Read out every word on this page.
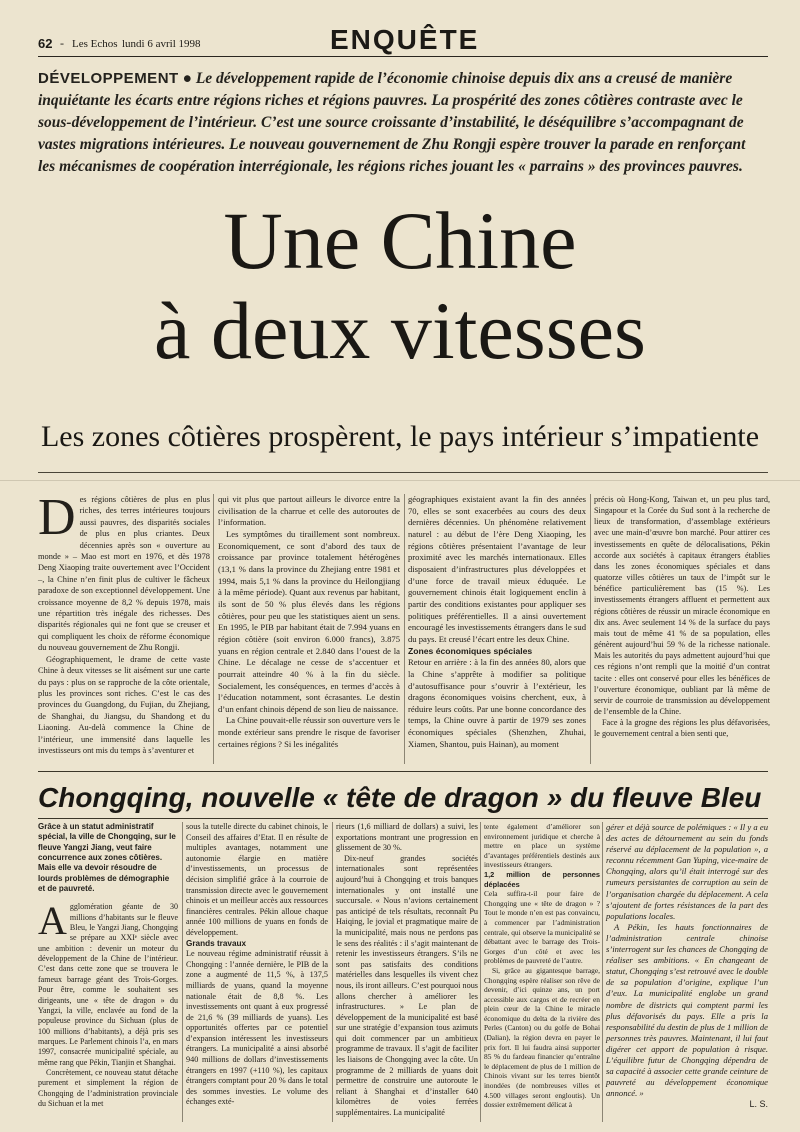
62 - Les Echos lundi 6 avril 1998	ENQUÊTE
DÉVELOPPEMENT ● Le développement rapide de l’économie chinoise depuis dix ans a creusé de manière inquiétante les écarts entre régions riches et régions pauvres. La prospérité des zones côtières contraste avec le sous-développement de l’intérieur. C’est une source croissante d’instabilité, le déséquilibre s’accompagnant de vastes migrations intérieures. Le nouveau gouvernement de Zhu Rongji espère trouver la parade en renforçant les mécanismes de coopération interrégionale, les régions riches jouant les « parrains » des provinces pauvres.
Une Chine
à deux vitesses
Les zones côtières prospèrent, le pays intérieur s’impatiente

Des régions côtières de plus en plus riches, des terres intérieures toujours aussi pauvres, des disparités sociales de plus en plus criantes. Deux décennies après son « ouverture au monde » – Mao est mort en 1976, et dès 1978 Deng Xiaoping traite ouvertement avec l’Occident –, la Chine n’en finit plus de cultiver le fâcheux paradoxe de son exceptionnel développement. Une croissance moyenne de 8,2 % depuis 1978, mais une répartition très inégale des richesses. Des disparités régionales qui ne font que se creuser et qui compliquent les choix de réforme économique du nouveau gouvernement de Zhu Rongji.

Géographiquement, le drame de cette vaste Chine à deux vitesses se lit aisément sur une carte du pays : plus on se rapproche de la côte orientale, plus les provinces sont riches. C’est le cas des provinces du Guangdong, du Fujian, du Zhejiang, de Shanghai, du Jiangsu, du Shandong et du Liaoning. Au-delà commence la Chine de l’intérieur, une immensité dans laquelle les investisseurs ont mis du temps à s’aventurer et

qui vit plus que partout ailleurs le divorce entre la civilisation de la charrue et celle des autoroutes de l’information.

Les symptômes du tiraillement sont nombreux. Economiquement, ce sont d’abord des taux de croissance par province totalement hétérogènes (13,1 % dans la province du Zhejiang entre 1981 et 1994, mais 5,1 % dans la province du Heilongjiang à la même période). Quant aux revenus par habitant, ils sont de 50 % plus élevés dans les régions côtières, pour peu que les statistiques aient un sens. En 1995, le PIB par habitant était de 7.994 yuans en région côtière (soit environ 6.000 francs), 3.875 yuans en région centrale et 2.840 dans l’ouest de la Chine. Le décalage ne cesse de s’accentuer et pourrait atteindre 40 % à la fin du siècle. Socialement, les conséquences, en termes d’accès à l’éducation notamment, sont écrasantes. Le destin d’un enfant chinois dépend de son lieu de naissance.

La Chine pouvait-elle réussir son ouverture vers le monde extérieur sans prendre le risque de favoriser certaines régions ? Si les inégalités

géographiques existaient avant la fin des années 70, elles se sont exacerbées au cours des deux dernières décennies. Un phénomène relativement naturel : au début de l’ère Deng Xiaoping, les régions côtières présentaient l’avantage de leur proximité avec les marchés internationaux. Elles disposaient d’infrastructures plus développées et d’une force de travail mieux éduquée. Le gouvernement chinois était logiquement enclin à partir des conditions existantes pour appliquer ses politiques préférentielles. Il a ainsi ouvertement encouragé les investissements étrangers dans le sud du pays. Et creusé l’écart entre les deux Chine.

Zones économiques spéciales

Retour en arrière : à la fin des années 80, alors que la Chine s’apprête à modifier sa politique d’autosuffisance pour s’ouvrir à l’extérieur, les dragons économiques voisins cherchent, eux, à réduire leurs coûts. Par une bonne concordance des temps, la Chine ouvre à partir de 1979 ses zones économiques spéciales (Shenzhen, Zhuhai, Xiamen, Shantou, puis Hainan), au moment

précis où Hong-Kong, Taiwan et, un peu plus tard, Singapour et la Corée du Sud sont à la recherche de lieux de transformation, d’assemblage extérieurs avec une main-d’œuvre bon marché. Pour attirer ces investissements en quête de délocalisations, Pékin accorde aux sociétés à capitaux étrangers établies dans les zones économiques spéciales et dans quatorze villes côtières un taux de l’impôt sur le bénéfice particulièrement bas (15 %). Les investissements étrangers affluent et permettent aux régions côtières de réussir un miracle économique en dix ans. Avec seulement 14 % de la surface du pays mais tout de même 41 % de sa population, elles génèrent aujourd’hui 59 % de la richesse nationale. Mais les autorités du pays admettent aujourd’hui que ces régions n’ont rempli que la moitié d’un contrat tacite : elles ont conservé pour elles les bénéfices de l’ouverture économique, oubliant par là même de servir de courroie de transmission au développement de l’ensemble de la Chine.

Face à la grogne des régions les plus défavorisées, le gouvernement central a bien senti que,

Chongqing, nouvelle « tête de dragon » du fleuve Bleu
Grâce à un statut administratif spécial, la ville de Chongqing, sur le fleuve Yangzi Jiang, veut faire concurrence aux zones côtières. Mais elle va devoir résoudre de lourds problèmes de démographie et de pauvreté.

Agglomération géante de 30 millions d’habitants sur le fleuve Bleu, le Yangzi Jiang, Chongqing se prépare au XXIᵉ siècle avec une ambition : devenir un moteur du développement de la Chine de l’intérieur. C’est dans cette zone que se trouvera le fameux barrage géant des Trois-Gorges. Pour être, comme le souhaitent ses dirigeants, une « tête de dragon » du Yangzi, la ville, enclavée au fond de la populeuse province du Sichuan (plus de 100 millions d’habitants), a déjà pris ses marques. Le Parlement chinois l’a, en mars 1997, consacrée municipalité spéciale, au même rang que Pékin, Tianjin et Shanghai.

Concrètement, ce nouveau statut détache purement et simplement la région de Chongqing de l’administration provinciale du Sichuan et la met

sous la tutelle directe du cabinet chinois, le Conseil des affaires d’Etat. Il en résulte de multiples avantages, notamment une autonomie élargie en matière d’investissements, un processus de décision simplifié grâce à la courroie de transmission directe avec le gouvernement chinois et un meilleur accès aux ressources financières centrales. Pékin alloue chaque année 100 millions de yuans en fonds de développement.

Grands travaux

Le nouveau régime administratif réussit à Chongqing : l’année dernière, le PIB de la zone a augmenté de 11,5 %, à 137,5 milliards de yuans, quand la moyenne nationale était de 8,8 %. Les investissements ont quant à eux progressé de 21,6 % (39 milliards de yuans). Les opportunités offertes par ce potentiel d’expansion intéressent les investisseurs étrangers. La municipalité a ainsi absorbé 940 millions de dollars d’investissements étrangers en 1997 (+110 %), les capitaux étrangers comptant pour 20 % dans le total des sommes investies. Le volume des échanges exté-

rieurs (1,6 milliard de dollars) a suivi, les exportations montrant une progression en glissement de 30 %.

Dix-neuf grandes sociétés internationales sont représentées aujourd’hui à Chongqing et trois banques internationales y ont installé une succursale. « Nous n’avions certainement pas anticipé de tels résultats, reconnaît Pu Haiqing, le jovial et pragmatique maire de la municipalité, mais nous ne perdons pas le sens des réalités : il s’agit maintenant de retenir les investisseurs étrangers. S’ils ne sont pas satisfaits des conditions matérielles dans lesquelles ils vivent chez nous, ils iront ailleurs. C’est pourquoi nous allons chercher à améliorer les infrastructures. » Le plan de développement de la municipalité est basé sur une stratégie d’expansion tous azimuts qui doit commencer par un ambitieux programme de travaux. Il s’agit de faciliter les liaisons de Chongqing avec la côte. Un programme de 2 milliards de yuans doit permettre de construire une autoroute le reliant à Shanghai et d’installer 640 kilomètres de voies ferrées supplémentaires. La municipalité

tente également d’améliorer son environnement juridique et cherche à mettre en place un système d’avantages préférentiels destinés aux investisseurs étrangers.

1,2 million de personnes déplacées

Cela suffira-t-il pour faire de Chongqing une « tête de dragon » ? Tout le monde n’en est pas convaincu, à commencer par l’administration centrale, qui observe la municipalité se débattant avec le barrage des Trois-Gorges d’un côté et avec les problèmes de pauvreté de l’autre.

Si, grâce au gigantesque barrage, Chongqing espère réaliser son rêve de devenir, d’ici quinze ans, un port accessible aux cargos et de recréer en plein cœur de la Chine le miracle économique du delta de la rivière des Perles (Canton) ou du golfe de Bohai (Dalian), la région devra en payer le prix fort. Il lui faudra ainsi supporter 85 % du fardeau financier qu’entraîne le déplacement de plus de 1 million de Chinois vivant sur les terres bientôt inondées (de nombreuses villes et 4.500 villages seront engloutis). Un dossier extrêmement délicat à

gérer et déjà source de polémiques : « Il y a eu des actes de détournement au sein du fonds réservé au déplacement de la population », a reconnu récemment Gan Yuping, vice-maire de Chongqing, alors qu’il était interrogé sur des rumeurs persistantes de corruption au sein de l’organisation chargée du déplacement. A cela s’ajoutent de fortes résistances de la part des populations locales.

A Pékin, les hauts fonctionnaires de l’administration centrale chinoise s’interrogent sur les chances de Chongqing de réaliser ses ambitions. « En changeant de statut, Chongqing s’est retrouvé avec le double de sa population d’origine, explique l’un d’eux. La municipalité englobe un grand nombre de districts qui comptent parmi les plus défavorisés du pays. Elle a pris la responsabilité du destin de plus de 1 million de personnes très pauvres. Maintenant, il lui faut digérer cet apport de population à risque. L’équilibre futur de Chongqing dépendra de sa capacité à associer cette grande ceinture de pauvreté au développement économique annoncé. »

L. S.
